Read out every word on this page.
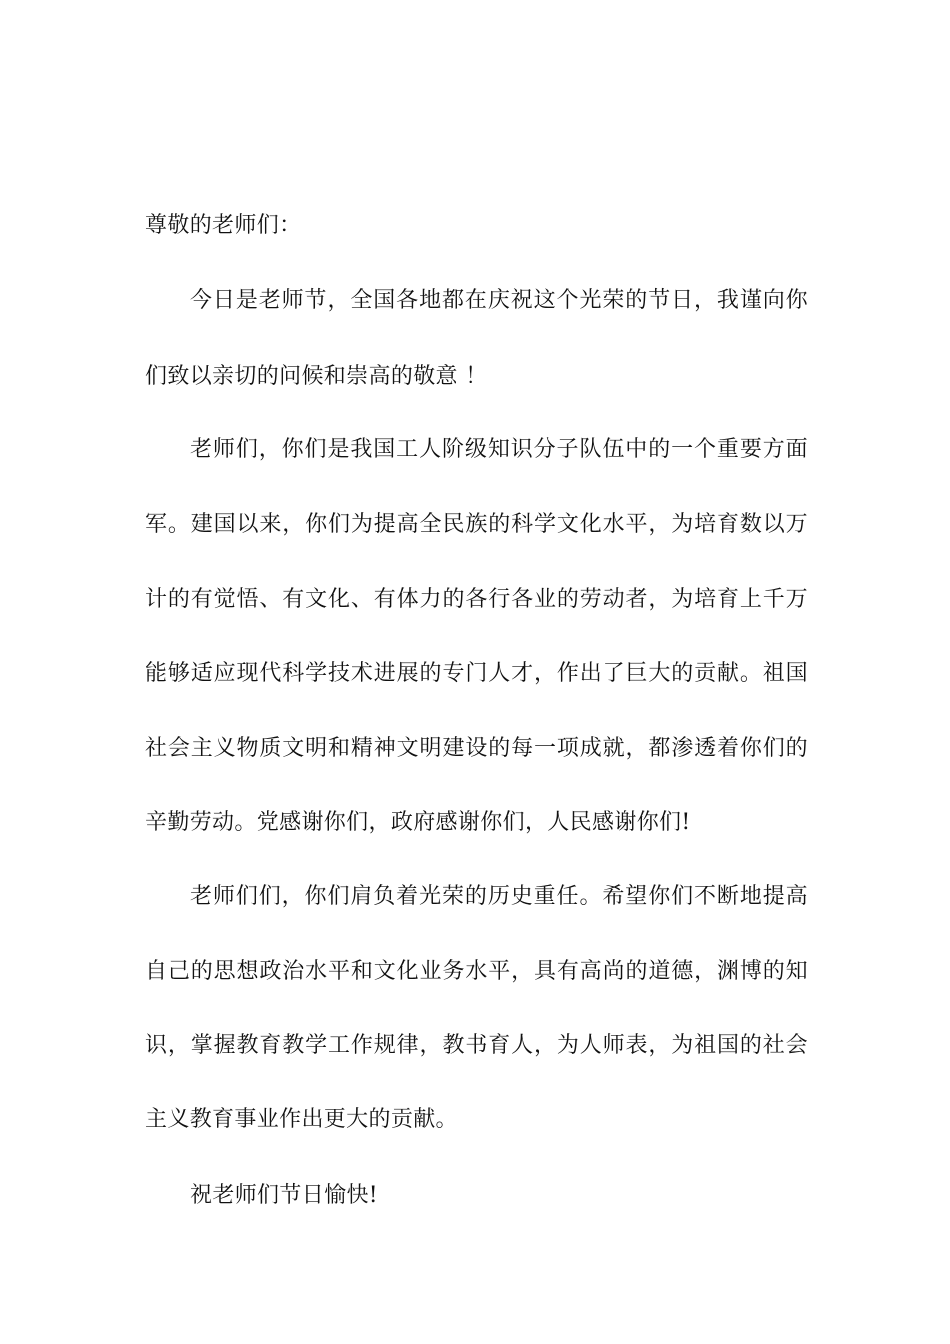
尊敬的老师们：
今日是老师节，全国各地都在庆祝这个光荣的节日，我谨向你
们致以亲切的问候和崇高的敬意 ！
老师们，你们是我国工人阶级知识分子队伍中的一个重要方面
军。建国以来，你们为提高全民族的科学文化水平，为培育数以万
计的有觉悟、有文化、有体力的各行各业的劳动者，为培育上千万
能够适应现代科学技术进展的专门人才，作出了巨大的贡献。祖国
社会主义物质文明和精神文明建设的每一项成就，都渗透着你们的
辛勤劳动。党感谢你们，政府感谢你们，人民感谢你们!
老师们们，你们肩负着光荣的历史重任。希望你们不断地提高
自己的思想政治水平和文化业务水平，具有高尚的道德，渊博的知
识，掌握教育教学工作规律，教书育人，为人师表，为祖国的社会
主义教育事业作出更大的贡献。
祝老师们节日愉快!
